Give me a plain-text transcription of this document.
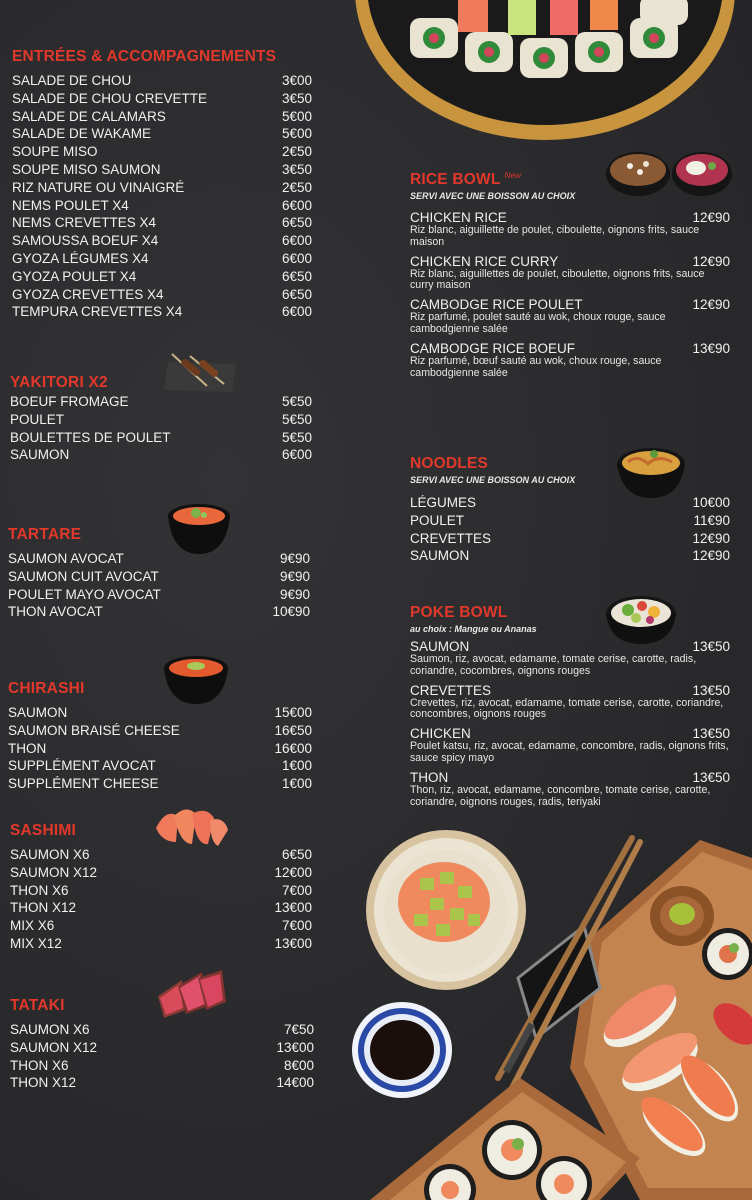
ENTRÉES & ACCOMPAGNEMENTS
SALADE DE CHOU	3€00
SALADE DE CHOU CREVETTE	3€50
SALADE DE CALAMARS	5€00
SALADE DE WAKAME	5€00
SOUPE MISO	2€50
SOUPE MISO SAUMON	3€50
RIZ NATURE OU VINAIGRÉ	2€50
NEMS POULET X4	6€00
NEMS CREVETTES X4	6€50
SAMOUSSA BOEUF X4	6€00
GYOZA LÉGUMES X4	6€00
GYOZA POULET X4	6€50
GYOZA CREVETTES X4	6€50
TEMPURA CREVETTES X4	6€00
YAKITORI X2
BOEUF FROMAGE	5€50
POULET	5€50
BOULETTES DE POULET	5€50
SAUMON	6€00
TARTARE
SAUMON AVOCAT	9€90
SAUMON CUIT AVOCAT	9€90
POULET MAYO AVOCAT	9€90
THON AVOCAT	10€90
CHIRASHI
SAUMON	15€00
SAUMON BRAISÉ CHEESE	16€50
THON	16€00
SUPPLÉMENT AVOCAT	1€00
SUPPLÉMENT CHEESE	1€00
SASHIMI
SAUMON X6	6€50
SAUMON X12	12€00
THON X6	7€00
THON X12	13€00
MIX X6	7€00
MIX X12	13€00
TATAKI
SAUMON X6	7€50
SAUMON X12	13€00
THON X6	8€00
THON X12	14€00
RICE BOWL $^{New}$
SERVI AVEC UNE BOISSON AU CHOIX
CHICKEN RICE	12€90
Riz blanc, aiguillette de poulet, ciboulette, oignons frits, sauce maison
CHICKEN RICE CURRY	12€90
Riz blanc, aiguillettes de poulet, ciboulette, oignons frits, sauce curry maison
CAMBODGE RICE POULET	12€90
Riz parfumé, poulet sauté au wok, choux rouge, sauce cambodgienne salée
CAMBODGE RICE BOEUF	13€90
Riz parfumé, bœuf sauté au wok, choux rouge, sauce cambodgienne salée
NOODLES
SERVI AVEC UNE BOISSON AU CHOIX
LÉGUMES	10€00
POULET	11€90
CREVETTES	12€90
SAUMON	12€90
POKE BOWL
au choix : Mangue ou Ananas
SAUMON	13€50
Saumon, riz, avocat, edamame, tomate cerise, carotte, radis, coriandre, cocombres, oignons rouges
CREVETTES	13€50
Crevettes, riz, avocat, edamame, tomate cerise, carotte, coriandre, concombres, oignons rouges
CHICKEN	13€50
Poulet katsu, riz, avocat, edamame, concombre, radis, oignons frits, sauce spicy mayo
THON	13€50
Thon, riz, avocat, edamame, concombre, tomate cerise, carotte, coriandre, oignons rouges, radis, teriyaki
